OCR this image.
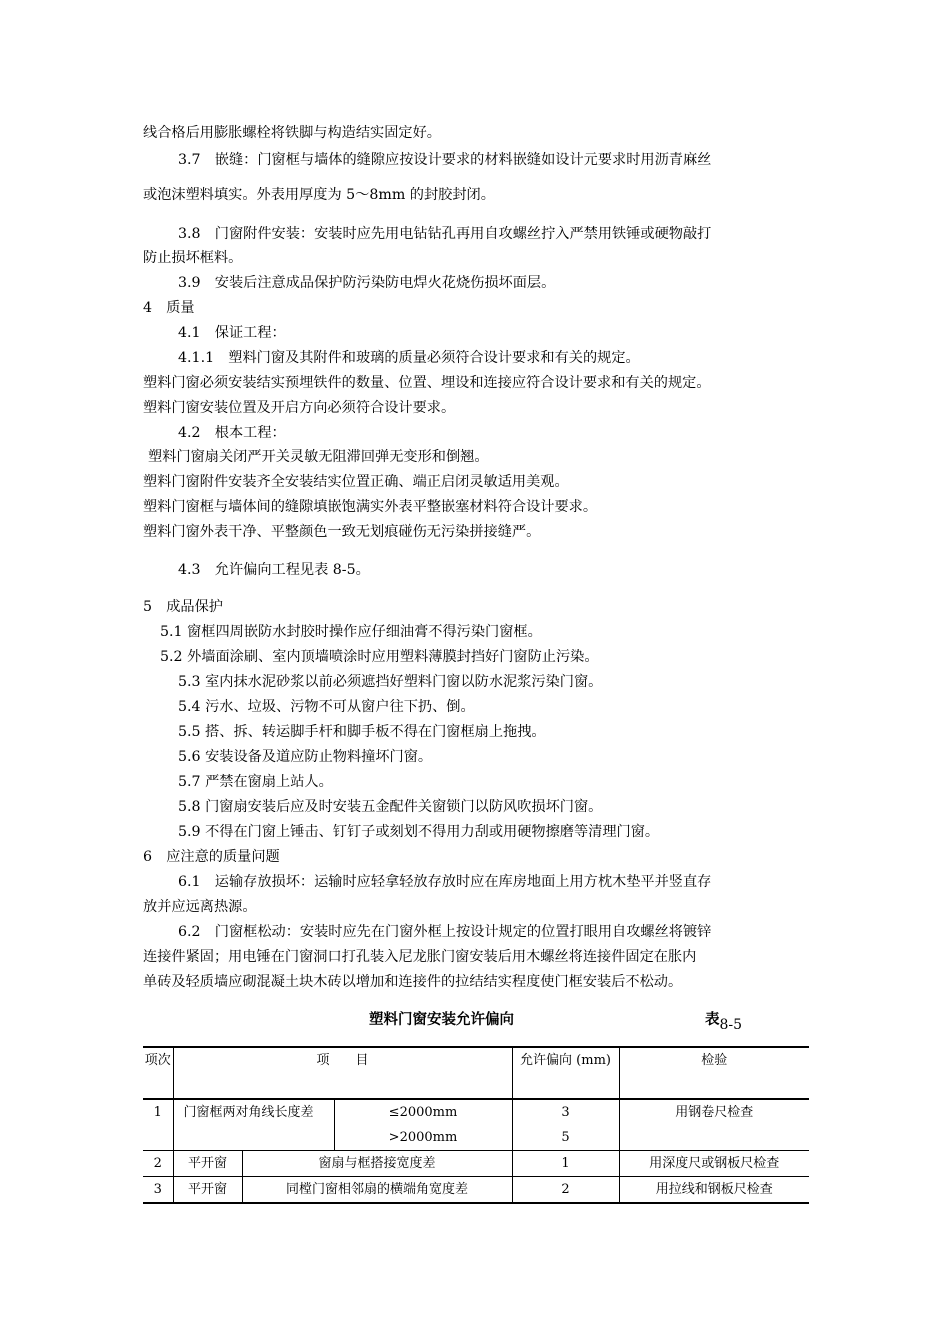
线合格后用膨胀螺栓将铁脚与构造结实固定好。
3.7　嵌缝：门窗框与墙体的缝隙应按设计要求的材料嵌缝如设计元要求时用沥青麻丝
或泡沫塑料填实。外表用厚度为 5～8mm 的封胶封闭。
3.8　门窗附件安装：安装时应先用电钻钻孔再用自攻螺丝拧入严禁用铁锤或硬物敲打
防止损坏框料。
3.9　安装后注意成品保护防污染防电焊火花烧伤损坏面层。
4　质量
4.1　保证工程：
4.1.1　塑料门窗及其附件和玻璃的质量必须符合设计要求和有关的规定。
塑料门窗必须安装结实预埋铁件的数量、位置、埋设和连接应符合设计要求和有关的规定。
塑料门窗安装位置及开启方向必须符合设计要求。
4.2　根本工程：
塑料门窗扇关闭严开关灵敏无阻滞回弹无变形和倒翘。
塑料门窗附件安装齐全安装结实位置正确、端正启闭灵敏适用美观。
塑料门窗框与墙体间的缝隙填嵌饱满实外表平整嵌塞材料符合设计要求。
塑料门窗外表干净、平整颜色一致无划痕碰伤无污染拼接缝严。
4.3　允许偏向工程见表 8-5。
5　成品保护
5.1 窗框四周嵌防水封胶时操作应仔细油膏不得污染门窗框。
5.2 外墙面涂刷、室内顶墙喷涂时应用塑料薄膜封挡好门窗防止污染。
5.3 室内抹水泥砂浆以前必须遮挡好塑料门窗以防水泥浆污染门窗。
5.4 污水、垃圾、污物不可从窗户往下扔、倒。
5.5 搭、拆、转运脚手杆和脚手板不得在门窗框扇上拖拽。
5.6 安装设备及道应防止物料撞坏门窗。
5.7 严禁在窗扇上站人。
5.8 门窗扇安装后应及时安装五金配件关窗锁门以防风吹损坏门窗。
5.9 不得在门窗上锤击、钉钉子或刻划不得用力刮或用硬物擦磨等清理门窗。
6　应注意的质量问题
6.1　运输存放损坏：运输时应轻拿轻放存放时应在库房地面上用方枕木垫平并竖直存
放并应远离热源。
6.2　门窗框松动：安装时应先在门窗外框上按设计规定的位置打眼用自攻螺丝将镀锌
连接件紧固；用电锤在门窗洞口打孔装入尼龙胀门窗安装后用木螺丝将连接件固定在胀内
单砖及轻质墙应砌混凝土块木砖以增加和连接件的拉结结实程度使门框安装后不松动。
塑料门窗安装允许偏向	表8-5
项次	项　　目			允许偏向 (mm)	检验
1	门窗框两对角线长度差		≤2000mm	3	用钢卷尺检查
			>2000mm	5	
2	平开窗	窗扇与框搭接宽度差		1	用深度尺或钢板尺检查
3	平开窗	同樘门窗相邻扇的横端角宽度差		2	用拉线和钢板尺检查
